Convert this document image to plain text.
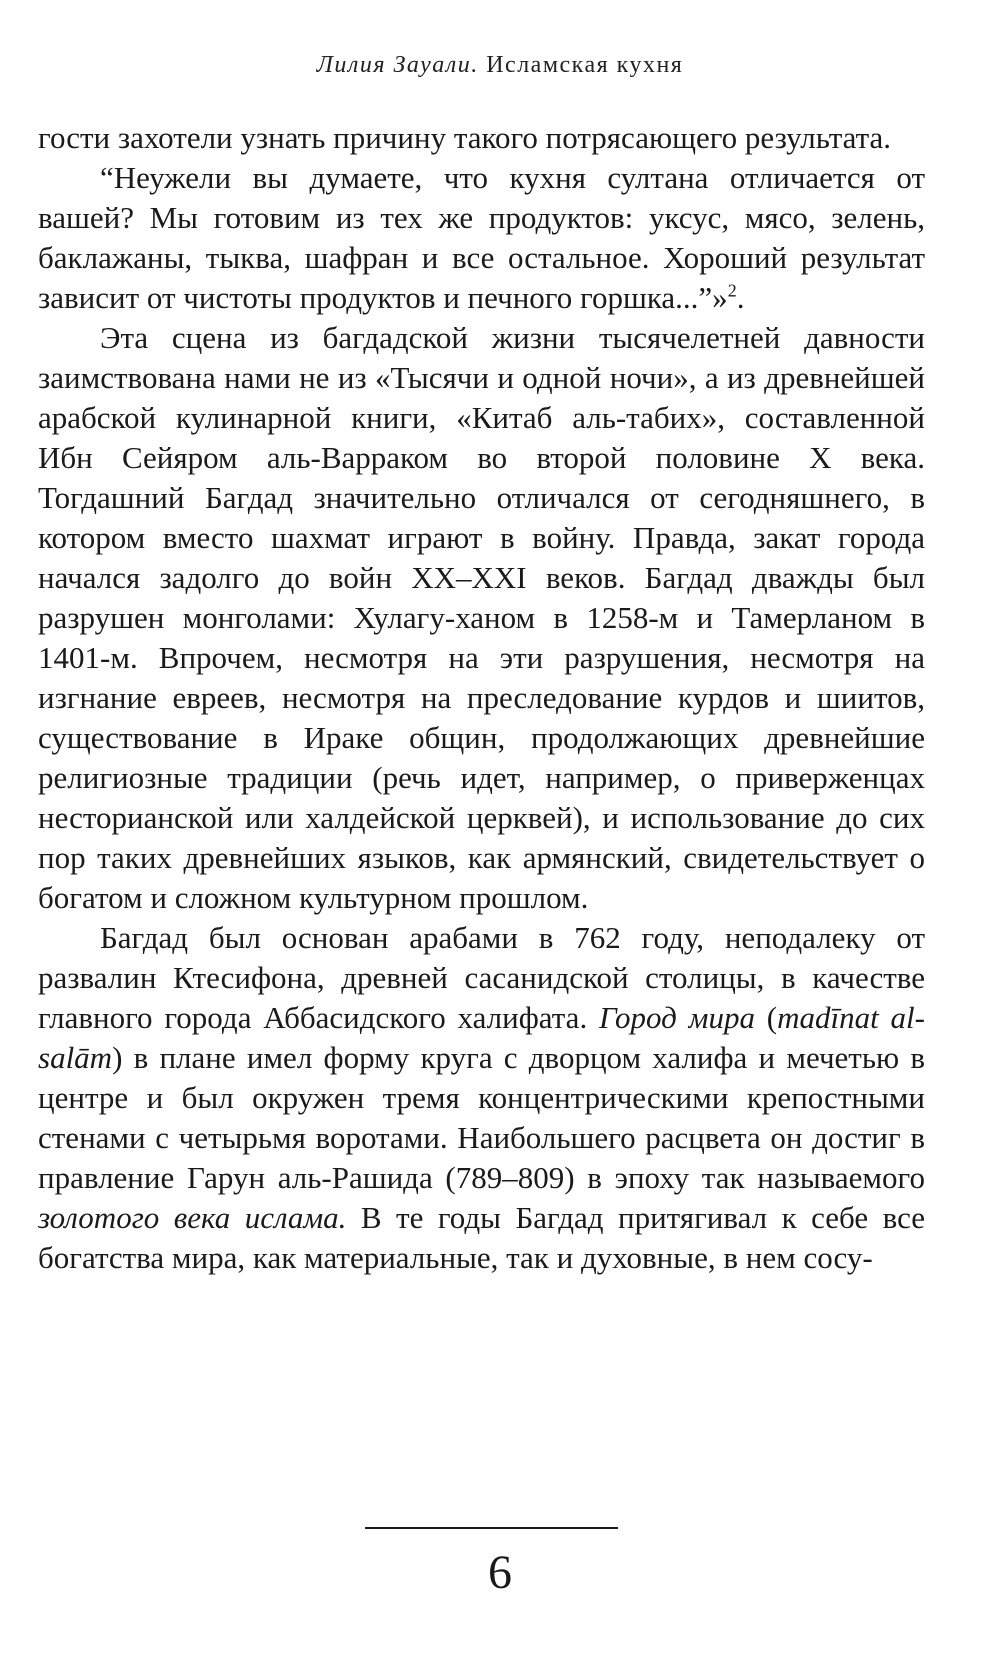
Лилия Зауали. Исламская кухня

гости захотели узнать причину такого потрясающего результата.

“Неужели вы думаете, что кухня султана отличается от вашей? Мы готовим из тех же продуктов: уксус, мясо, зелень, баклажаны, тыква, шафран и все остальное. Хороший результат зависит от чистоты продуктов и печного горшка...”»$^2$.

Эта сцена из багдадской жизни тысячелетней давности заимствована нами не из «Тысячи и одной ночи», а из древнейшей арабской кулинарной книги, «Китаб аль-табих», составленной Ибн Сейяром аль-Варраком во второй половине X века. Тогдашний Багдад значительно отличался от сегодняшнего, в котором вместо шахмат играют в войну. Правда, закат города начался задолго до войн XX–XXI веков. Багдад дважды был разрушен монголами: Хулагу-ханом в 1258-м и Тамерланом в 1401-м. Впрочем, несмотря на эти разрушения, несмотря на изгнание евреев, несмотря на преследование курдов и шиитов, существование в Ираке общин, продолжающих древнейшие религиозные традиции (речь идет, например, о приверженцах несторианской или халдейской церквей), и использование до сих пор таких древнейших языков, как армянский, свидетельствует о богатом и сложном культурном прошлом.

Багдад был основан арабами в 762 году, неподалеку от развалин Ктесифона, древней сасанидской столицы, в качестве главного города Аббасидского халифата. Город мира (madīnat al-salām) в плане имел форму круга с дворцом халифа и мечетью в центре и был окружен тремя концентрическими крепостными стенами с четырьмя воротами. Наибольшего расцвета он достиг в правление Гарун аль-Рашида (789–809) в эпоху так называемого золотого века ислама. В те годы Багдад притягивал к себе все богатства мира, как материальные, так и духовные, в нем сосу-

6
